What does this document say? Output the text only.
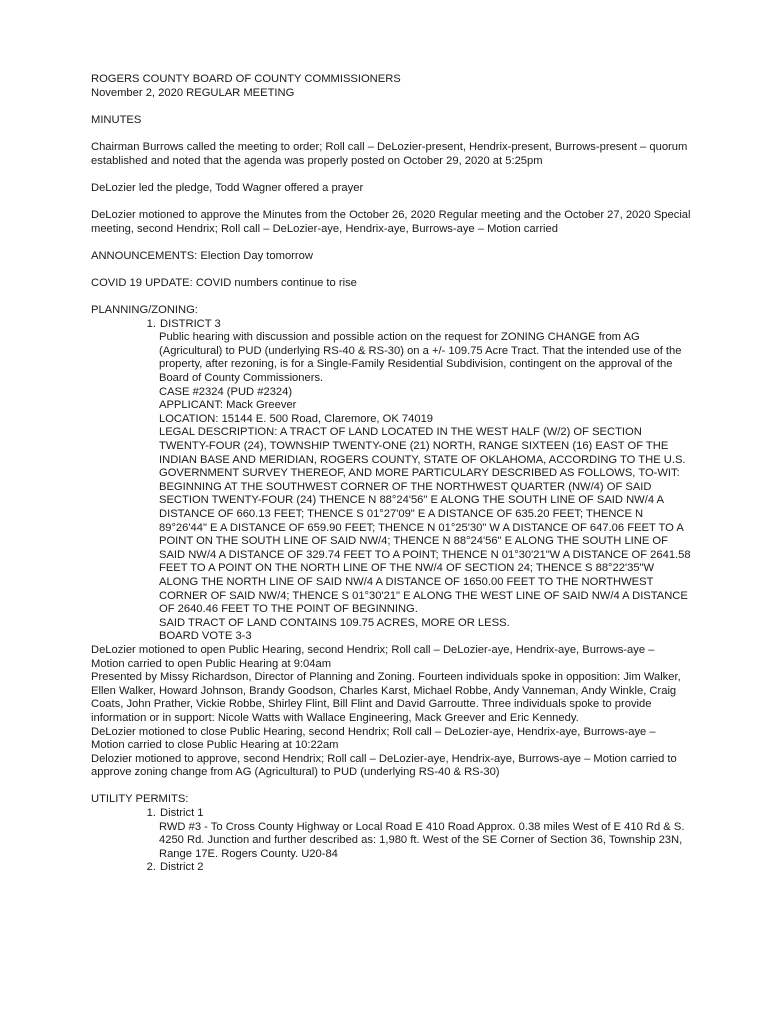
ROGERS COUNTY BOARD OF COUNTY COMMISSIONERS

November 2, 2020 REGULAR MEETING

MINUTES

Chairman Burrows called the meeting to order; Roll call – DeLozier-present, Hendrix-present, Burrows-present – quorum established and noted that the agenda was properly posted on October 29, 2020 at 5:25pm

DeLozier led the pledge, Todd Wagner offered a prayer

DeLozier motioned to approve the Minutes from the October 26, 2020 Regular meeting and the October 27, 2020 Special meeting, second Hendrix; Roll call – DeLozier-aye, Hendrix-aye, Burrows-aye – Motion carried

ANNOUNCEMENTS: Election Day tomorrow

COVID 19 UPDATE: COVID numbers continue to rise

PLANNING/ZONING:

1. DISTRICT 3

Public hearing with discussion and possible action on the request for ZONING CHANGE from AG (Agricultural) to PUD (underlying RS-40 & RS-30) on a +/- 109.75 Acre Tract. That the intended use of the property, after rezoning, is for a Single-Family Residential Subdivision, contingent on the approval of the Board of County Commissioners.

CASE #2324 (PUD #2324)

APPLICANT: Mack Greever

LOCATION: 15144 E. 500 Road, Claremore, OK 74019

LEGAL DESCRIPTION: A TRACT OF LAND LOCATED IN THE WEST HALF (W/2) OF SECTION TWENTY-FOUR (24), TOWNSHIP TWENTY-ONE (21) NORTH, RANGE SIXTEEN (16) EAST OF THE INDIAN BASE AND MERIDIAN, ROGERS COUNTY, STATE OF OKLAHOMA, ACCORDING TO THE U.S. GOVERNMENT SURVEY THEREOF, AND MORE PARTICULARY DESCRIBED AS FOLLOWS, TO-WIT:

BEGINNING AT THE SOUTHWEST CORNER OF THE NORTHWEST QUARTER (NW/4) OF SAID SECTION TWENTY-FOUR (24) THENCE N 88°24'56" E ALONG THE SOUTH LINE OF SAID NW/4 A DISTANCE OF 660.13 FEET; THENCE S 01°27'09" E A DISTANCE OF 635.20 FEET; THENCE N 89°26'44" E A DISTANCE OF 659.90 FEET; THENCE N 01°25'30" W A DISTANCE OF 647.06 FEET TO A POINT ON THE SOUTH LINE OF SAID NW/4; THENCE N 88°24'56" E ALONG THE SOUTH LINE OF SAID NW/4 A DISTANCE OF 329.74 FEET TO A POINT; THENCE N 01°30'21"W A DISTANCE OF 2641.58 FEET TO A POINT ON THE NORTH LINE OF THE NW/4 OF SECTION 24; THENCE S 88°22'35"W ALONG THE NORTH LINE OF SAID NW/4 A DISTANCE OF 1650.00 FEET TO THE NORTHWEST CORNER OF SAID NW/4; THENCE S 01°30'21" E ALONG THE WEST LINE OF SAID NW/4 A DISTANCE OF 2640.46 FEET TO THE POINT OF BEGINNING.

SAID TRACT OF LAND CONTAINS 109.75 ACRES, MORE OR LESS.

BOARD VOTE 3-3

DeLozier motioned to open Public Hearing, second Hendrix; Roll call – DeLozier-aye, Hendrix-aye, Burrows-aye – Motion carried to open Public Hearing at 9:04am

Presented by Missy Richardson, Director of Planning and Zoning. Fourteen individuals spoke in opposition: Jim Walker, Ellen Walker, Howard Johnson, Brandy Goodson, Charles Karst, Michael Robbe, Andy Vanneman, Andy Winkle, Craig Coats, John Prather, Vickie Robbe, Shirley Flint, Bill Flint and David Garroutte. Three individuals spoke to provide information or in support: Nicole Watts with Wallace Engineering, Mack Greever and Eric Kennedy.

DeLozier motioned to close Public Hearing, second Hendrix; Roll call – DeLozier-aye, Hendrix-aye, Burrows-aye – Motion carried to close Public Hearing at 10:22am

Delozier motioned to approve, second Hendrix; Roll call – DeLozier-aye, Hendrix-aye, Burrows-aye – Motion carried to approve zoning change from AG (Agricultural) to PUD (underlying RS-40 & RS-30)

UTILITY PERMITS:

1. District 1

RWD #3 - To Cross County Highway or Local Road E 410 Road Approx. 0.38 miles West of E 410 Rd & S. 4250 Rd. Junction and further described as: 1,980 ft. West of the SE Corner of Section 36, Township 23N, Range 17E. Rogers County. U20-84

2. District 2
